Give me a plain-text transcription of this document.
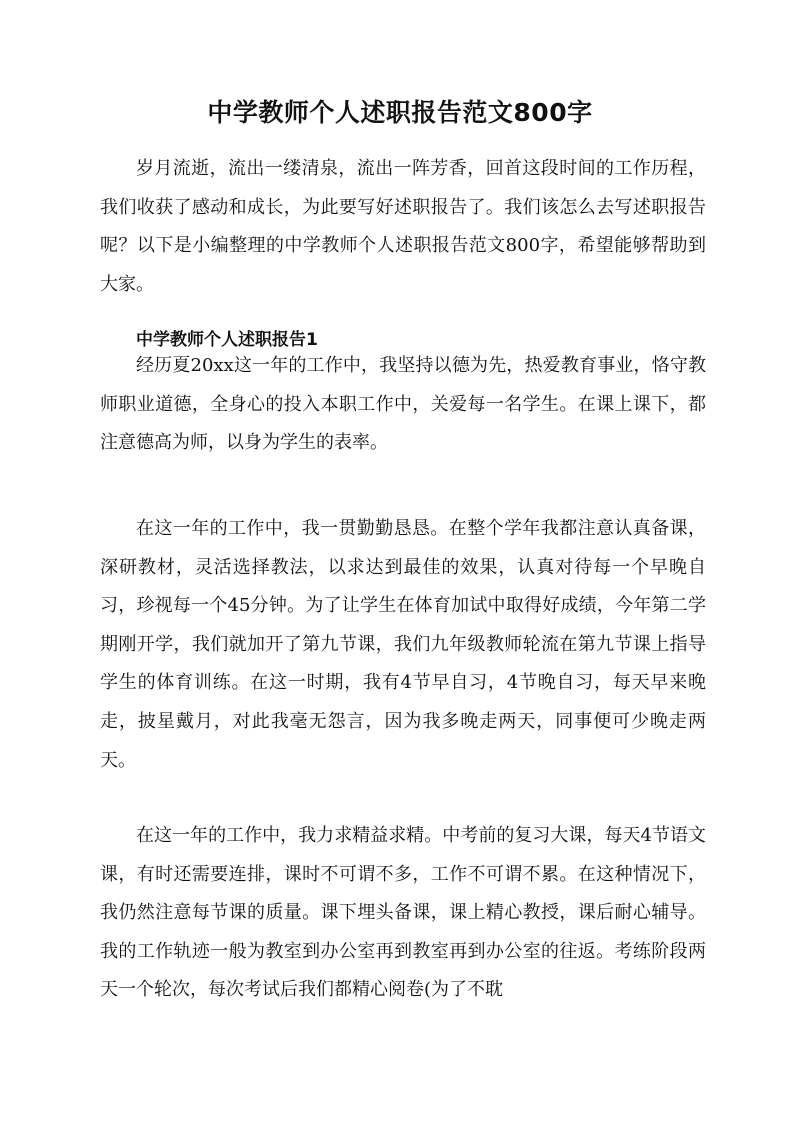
中学教师个人述职报告范文800字

岁月流逝，流出一缕清泉，流出一阵芳香，回首这段时间的工作历程，我们收获了感动和成长，为此要写好述职报告了。我们该怎么去写述职报告呢？以下是小编整理的中学教师个人述职报告范文800字，希望能够帮助到大家。

中学教师个人述职报告1

经历夏20xx这一年的工作中，我坚持以德为先，热爱教育事业，恪守教师职业道德，全身心的投入本职工作中，关爱每一名学生。在课上课下，都注意德高为师，以身为学生的表率。

在这一年的工作中，我一贯勤勤恳恳。在整个学年我都注意认真备课，深研教材，灵活选择教法，以求达到最佳的效果，认真对待每一个早晚自习，珍视每一个45分钟。为了让学生在体育加试中取得好成绩，今年第二学期刚开学，我们就加开了第九节课，我们九年级教师轮流在第九节课上指导学生的体育训练。在这一时期，我有4节早自习，4节晚自习，每天早来晚走，披星戴月，对此我毫无怨言，因为我多晚走两天，同事便可少晚走两天。

在这一年的工作中，我力求精益求精。中考前的复习大课，每天4节语文课，有时还需要连排，课时不可谓不多，工作不可谓不累。在这种情况下，我仍然注意每节课的质量。课下埋头备课，课上精心教授，课后耐心辅导。我的工作轨迹一般为教室到办公室再到教室再到办公室的往返。考练阶段两天一个轮次，每次考试后我们都精心阅卷(为了不耽
